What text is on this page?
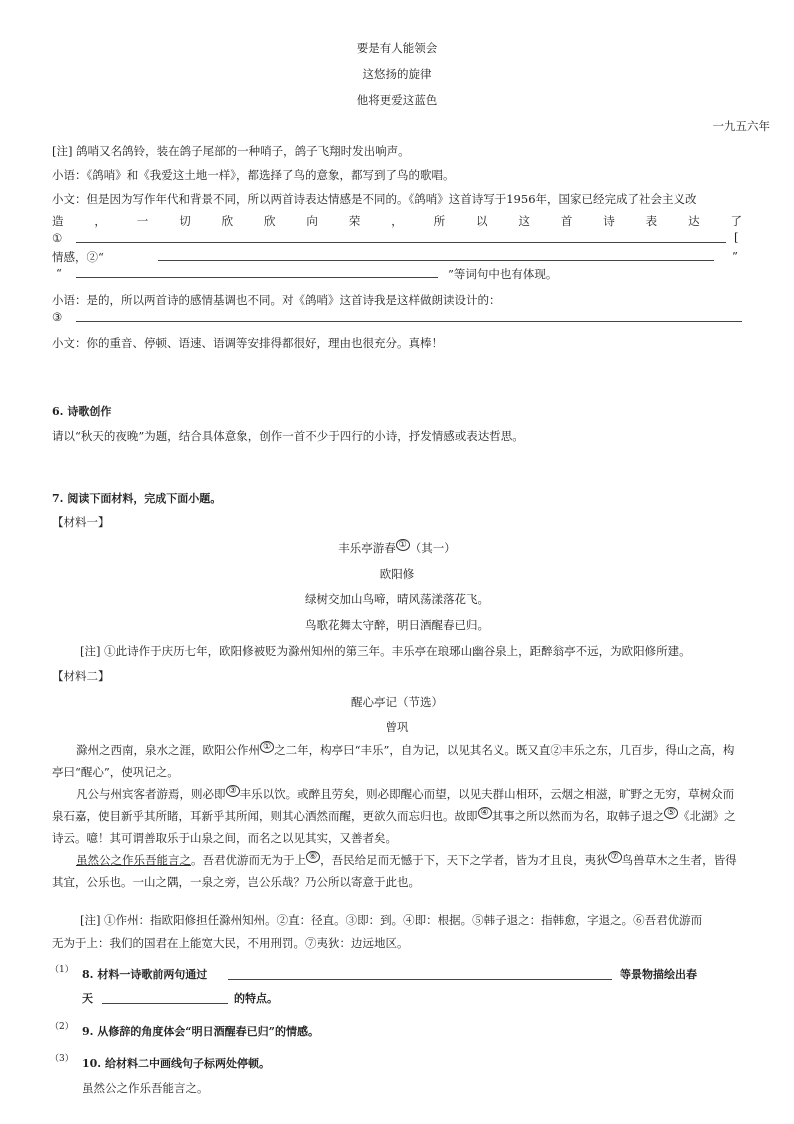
要是有人能领会
这悠扬的旋律
他将更爱这蓝色
一九五六年
[注] 鸽哨又名鸽铃，装在鸽子尾部的一种哨子，鸽子飞翔时发出响声。
小语：《鸽哨》和《我爱这土地一样》，都选择了鸟的意象，都写到了鸟的歌唱。
小文：但是因为写作年代和背景不同，所以两首诗表达情感是不同的。《鸽哨》这首诗写于1956年，国家已经完成了社会主义改
造，一切欣欣向荣，所以这首诗表达了
①	[
情感，②“	”
“	”等词句中也有体现。
小语：是的，所以两首诗的感情基调也不同。对《鸽哨》这首诗我是这样做朗读设计的：
③
小文：你的重音、停顿、语速、语调等安排得都很好，理由也很充分。真棒！
6. 诗歌创作
请以“秋天的夜晚”为题，结合具体意象，创作一首不少于四行的小诗，抒发情感或表达哲思。
7. 阅读下面材料，完成下面小题。
【材料一】
丰乐亭游春 ① （其一）
欧阳修
绿树交加山鸟啼，晴风荡漾落花飞。
鸟歌花舞太守醉，明日酒醒春已归。
[注] ①此诗作于庆历七年，欧阳修被贬为滁州知州的第三年。丰乐亭在琅琊山幽谷泉上，距醉翁亭不远，为欧阳修所建。
【材料二】
醒心亭记（节选）
曾巩
滁州之西南，泉水之涯，欧阳公作州 ① 之二年，构亭曰“丰乐”，自为记，以见其名义。既又直②丰乐之东，几百步，得山之高，构亭曰“醒心”，使巩记之。
凡公与州宾客者游焉，则必即 ③ 丰乐以饮。或醉且劳矣，则必即醒心而望，以见夫群山相环，云烟之相滋，旷野之无穷，草树众而泉石嘉，使目新乎其所睹，耳新乎其所闻，则其心洒然而醒，更欲久而忘归也。故即 ④ 其事之所以然而为名，取韩子退之 ⑤ 《北湖》之诗云。噫！其可谓善取乐于山泉之间，而名之以见其实，又善者矣。
虽然公之作乐吾能言之。吾君优游而无为于上 ⑥ ，吾民给足而无憾于下，天下之学者，皆为才且良，夷狄 ⑦ 鸟兽草木之生者，皆得其宜，公乐也。一山之隅，一泉之旁，岂公乐哉？乃公所以寄意于此也。
[注] ①作州：指欧阳修担任滁州知州。②直：径直。③即：到。④即：根据。⑤韩子退之：指韩愈，字退之。⑥吾君优游而
无为于上：我们的国君在上能宽大民，不用刑罚。⑦夷狄：边远地区。
（1） 8. 材料一诗歌前两句通过	等景物描绘出春
天	的特点。
（2） 9. 从修辞的角度体会“明日酒醒春已归”的情感。
（3） 10. 给材料二中画线句子标两处停顿。
虽然公之作乐吾能言之。
